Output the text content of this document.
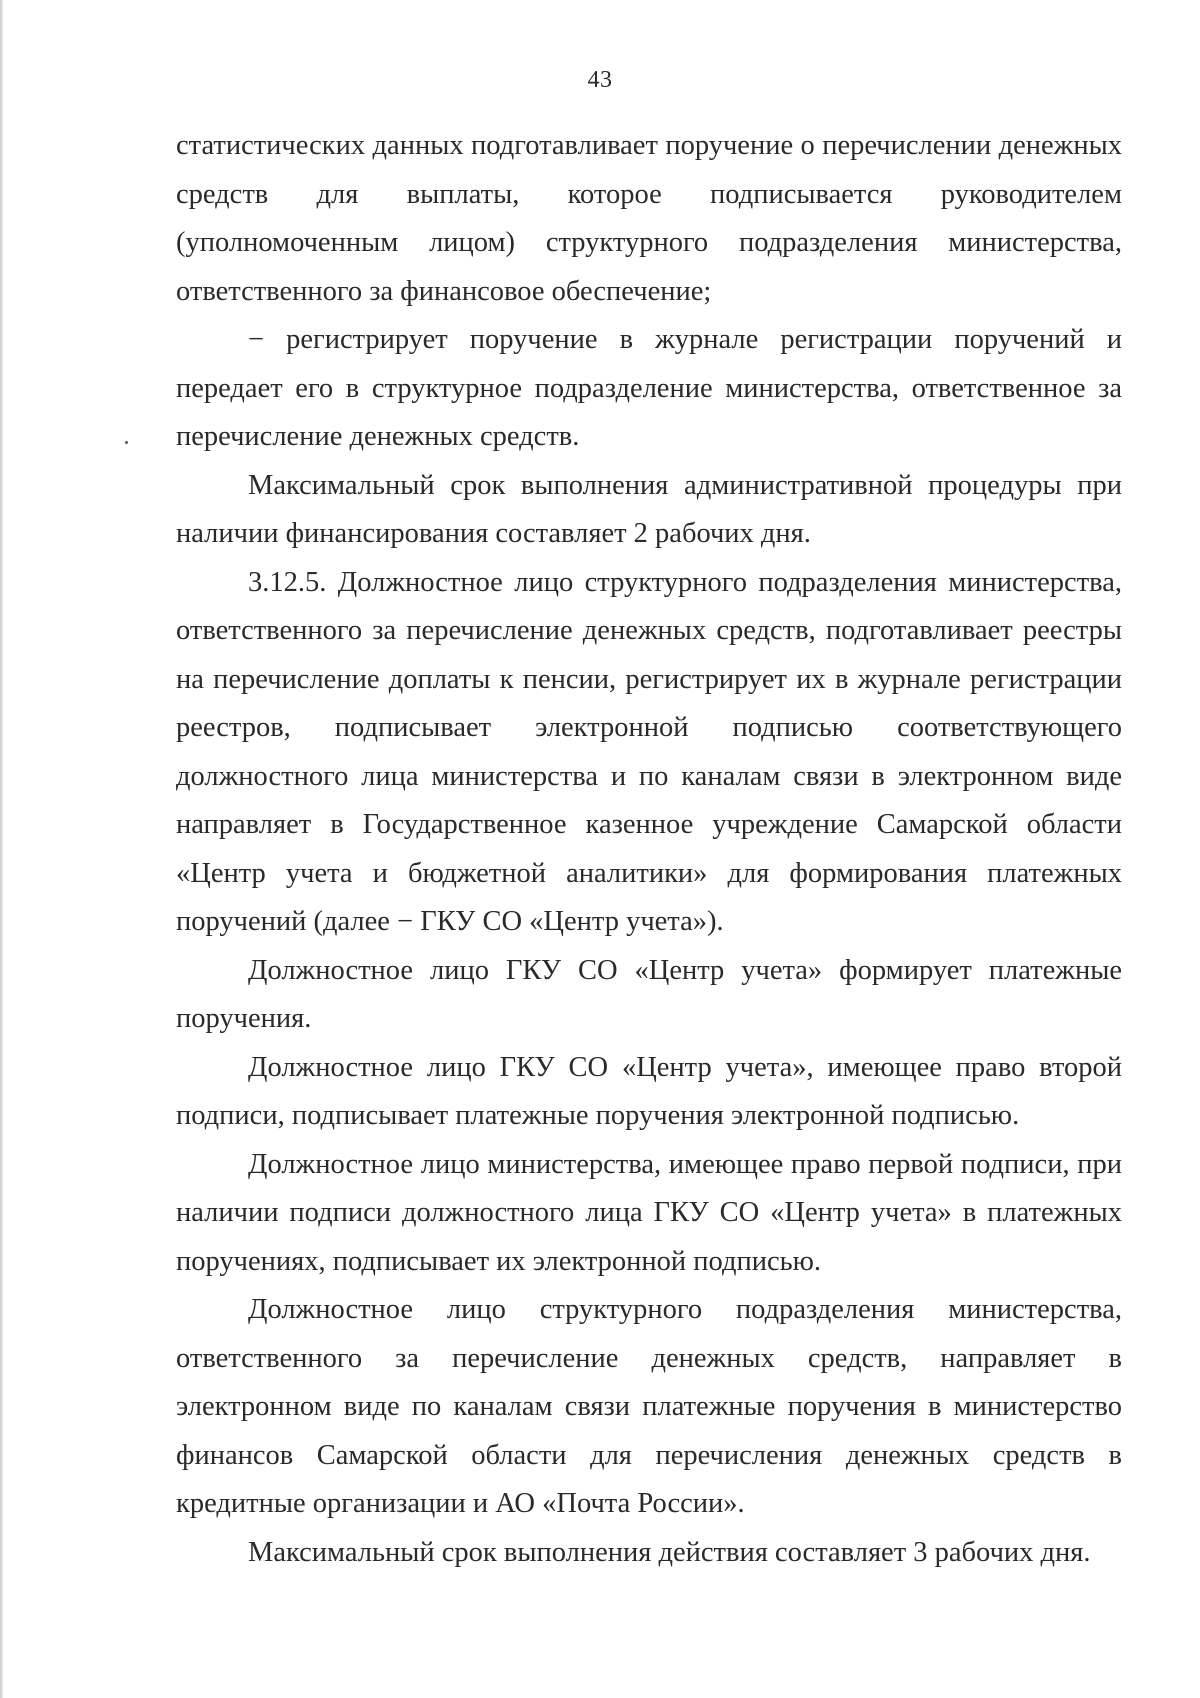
43

статистических данных подготавливает поручение о перечислении денежных средств для выплаты, которое подписывается руководителем (уполномоченным лицом) структурного подразделения министерства, ответственного за финансовое обеспечение;

− регистрирует поручение в журнале регистрации поручений и передает его в структурное подразделение министерства, ответственное за перечисление денежных средств.

Максимальный срок выполнения административной процедуры при наличии финансирования составляет 2 рабочих дня.

3.12.5. Должностное лицо структурного подразделения министерства, ответственного за перечисление денежных средств, подготавливает реестры на перечисление доплаты к пенсии, регистрирует их в журнале регистрации реестров, подписывает электронной подписью соответствующего должностного лица министерства и по каналам связи в электронном виде направляет в Государственное казенное учреждение Самарской области «Центр учета и бюджетной аналитики» для формирования платежных поручений (далее − ГКУ СО «Центр учета»).

Должностное лицо ГКУ СО «Центр учета» формирует платежные поручения.

Должностное лицо ГКУ СО «Центр учета», имеющее право второй подписи, подписывает платежные поручения электронной подписью.

Должностное лицо министерства, имеющее право первой подписи, при наличии подписи должностного лица ГКУ СО «Центр учета» в платежных поручениях, подписывает их электронной подписью.

Должностное лицо структурного подразделения министерства, ответственного за перечисление денежных средств, направляет в электронном виде по каналам связи платежные поручения в министерство финансов Самарской области для перечисления денежных средств в кредитные организации и АО «Почта России».

Максимальный срок выполнения действия составляет 3 рабочих дня.
